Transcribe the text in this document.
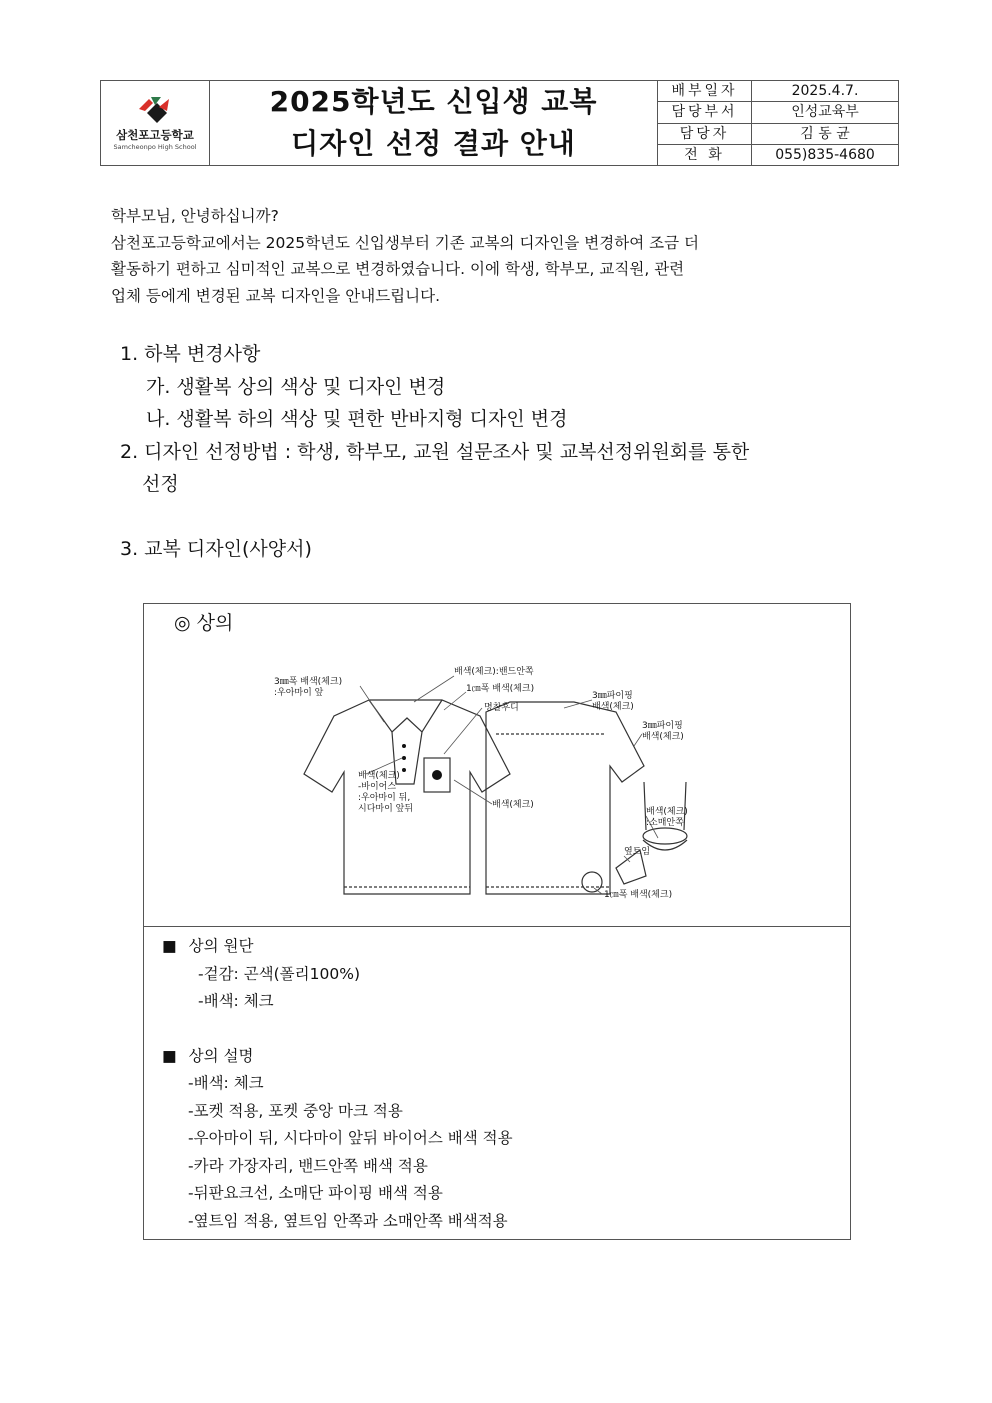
삼천포고등학교
Samcheonpo High School
2025학년도 신입생 교복
디자인 선정 결과 안내
배부일자	2025.4.7.
담당부서	인성교육부
담당자	김 동 균
전 화	055)835-4680

학부모님, 안녕하십니까?

삼천포고등학교에서는 2025학년도 신입생부터 기존 교복의 디자인을 변경하여 조금 더

활동하기 편하고 심미적인 교복으로 변경하였습니다. 이에 학생, 학부모, 교직원, 관련

업체 등에게 변경된 교복 디자인을 안내드립니다.

1. 하복 변경사항

가. 생활복 상의 색상 및 디자인 변경

나. 생활복 하의 색상 및 편한 반바지형 디자인 변경

2. 디자인 선정방법 : 학생, 학부모, 교원 설문조사 및 교복선정위원회를 통한

선정

3. 교복 디자인(사양서)

◎ 상의
3㎜폭 배색(체크)
:우아마이 앞
배색(체크):밴드안쪽
1㎝폭 배색(체크)
명찰후디
3㎜파이핑
배색(체크)
3㎜파이핑
배색(체크)
배색(체크)
-바이어스
:우아마이 뒤,
시다마이 앞뒤	배색(체크)
배색(체크)
:소매안쪽
옆트임
1㎝폭 배색(체크)

■ 상의 원단

-겉감: 곤색(폴리100%)

-배색: 체크

■ 상의 설명

-배색: 체크

-포켓 적용, 포켓 중앙 마크 적용

-우아마이 뒤, 시다마이 앞뒤 바이어스 배색 적용

-카라 가장자리, 밴드안쪽 배색 적용

-뒤판요크선, 소매단 파이핑 배색 적용

-옆트임 적용, 옆트임 안쪽과 소매안쪽 배색적용
